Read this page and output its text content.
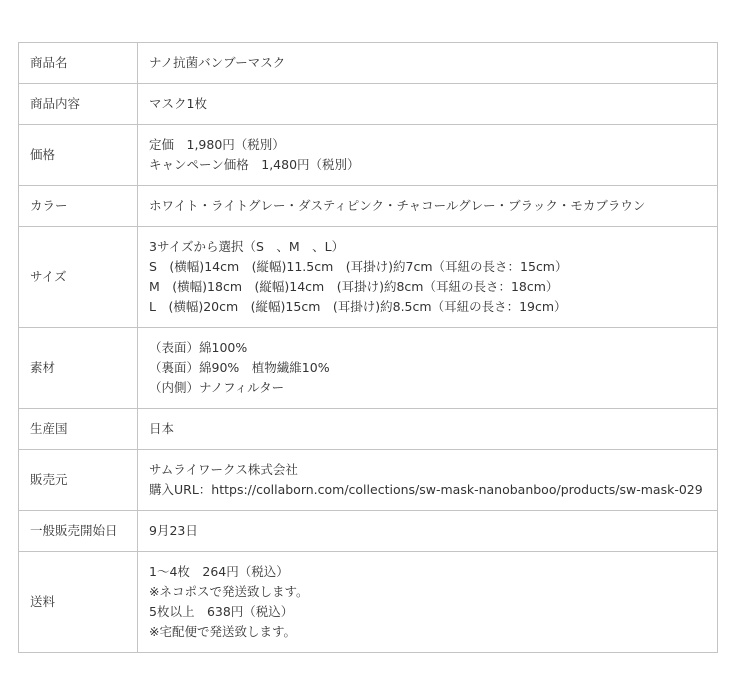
商品名	ナノ抗菌バンブーマスク

商品内容	マスク1枚

価格	定価　1,980円（税別）
キャンペーン価格　1,480円（税別）

カラー	ホワイト・ライトグレー・ダスティピンク・チャコールグレー・ブラック・モカブラウン

サイズ	3サイズから選択（S　、M　、L）
S　(横幅)14cm　(縦幅)11.5cm　(耳掛け)約7cm（耳紐の長さ：15cm）
M　(横幅)18cm　(縦幅)14cm　(耳掛け)約8cm（耳紐の長さ：18cm）
L　(横幅)20cm　(縦幅)15cm　(耳掛け)約8.5cm（耳紐の長さ：19cm）

素材	（表面）綿100%
（裏面）綿90%　植物繊維10%
（内側）ナノフィルター

生産国	日本

販売元	サムライワークス株式会社
購入URL：https://collaborn.com/collections/sw-mask-nanobanboo/products/sw-mask-029

一般販売開始日	9月23日

送料	1〜4枚　264円（税込）
※ネコポスで発送致します。
5枚以上　638円（税込）
※宅配便で発送致します。
